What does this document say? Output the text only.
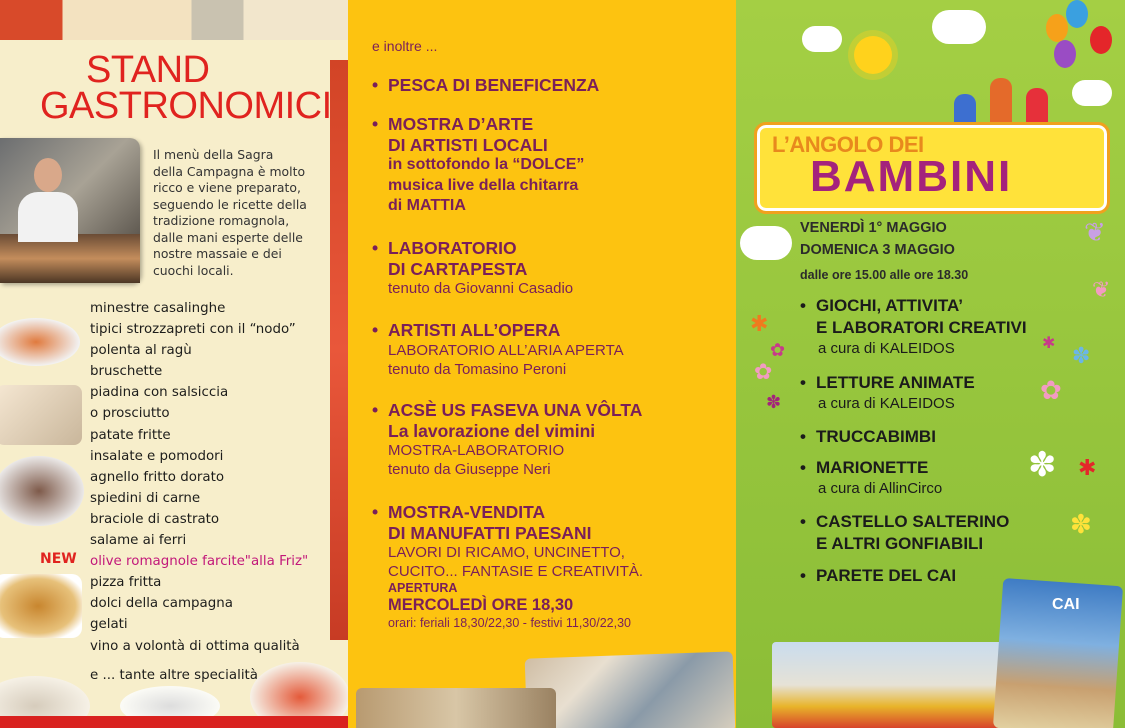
STAND
GASTRONOMICI
Il menù della Sagra
della Campagna è molto
ricco e viene preparato,
seguendo le ricette della
tradizione romagnola,
dalle mani esperte delle
nostre massaie e dei
cuochi locali.
minestre casalinghe
tipici strozzapreti con il “nodo”
polenta al ragù
bruschette
piadina con salsiccia
o prosciutto
patate fritte
insalate e pomodori
agnello fritto dorato
spiedini di carne
braciole di castrato
salame ai ferri
olive romagnole farcite"alla Friz"
pizza fritta
dolci della campagna
gelati
vino a volontà di ottima qualità
e ... tante altre specialità
NEW
e inoltre ...
• PESCA DI BENEFICENZA
• MOSTRA D’ARTE
DI ARTISTI LOCALI
in sottofondo la “DOLCE”
musica live della chitarra
di MATTIA
• LABORATORIO
DI CARTAPESTA
tenuto da Giovanni Casadio
• ARTISTI ALL’OPERA
LABORATORIO ALL’ARIA APERTA
tenuto da Tomasino Peroni
• ACSÈ US FASEVA UNA VÔLTA
La lavorazione del vimini
MOSTRA-LABORATORIO
tenuto da Giuseppe Neri
• MOSTRA-VENDITA
DI MANUFATTI PAESANI
LAVORI DI RICAMO, UNCINETTO,
CUCITO... FANTASIE E CREATIVITÀ.
APERTURA
MERCOLEDÌ ORE 18,30
orari: feriali 18,30/22,30 - festivi 11,30/22,30
L’ANGOLO DEI
BAMBINI
VENERDÌ 1° MAGGIO
DOMENICA 3 MAGGIO
dalle ore 15.00 alle ore 18.30
• GIOCHI, ATTIVITA’
E LABORATORI CREATIVI
a cura di KALEIDOS
• LETTURE ANIMATE
a cura di KALEIDOS
• TRUCCABIMBI
• MARIONETTE
a cura di AllinCirco
• CASTELLO SALTERINO
E ALTRI GONFIABILI
• PARETE DEL CAI
✱
✿
✿
✽
✱
✽
✿
✽ ✱
✽
❦
❦
CAI
